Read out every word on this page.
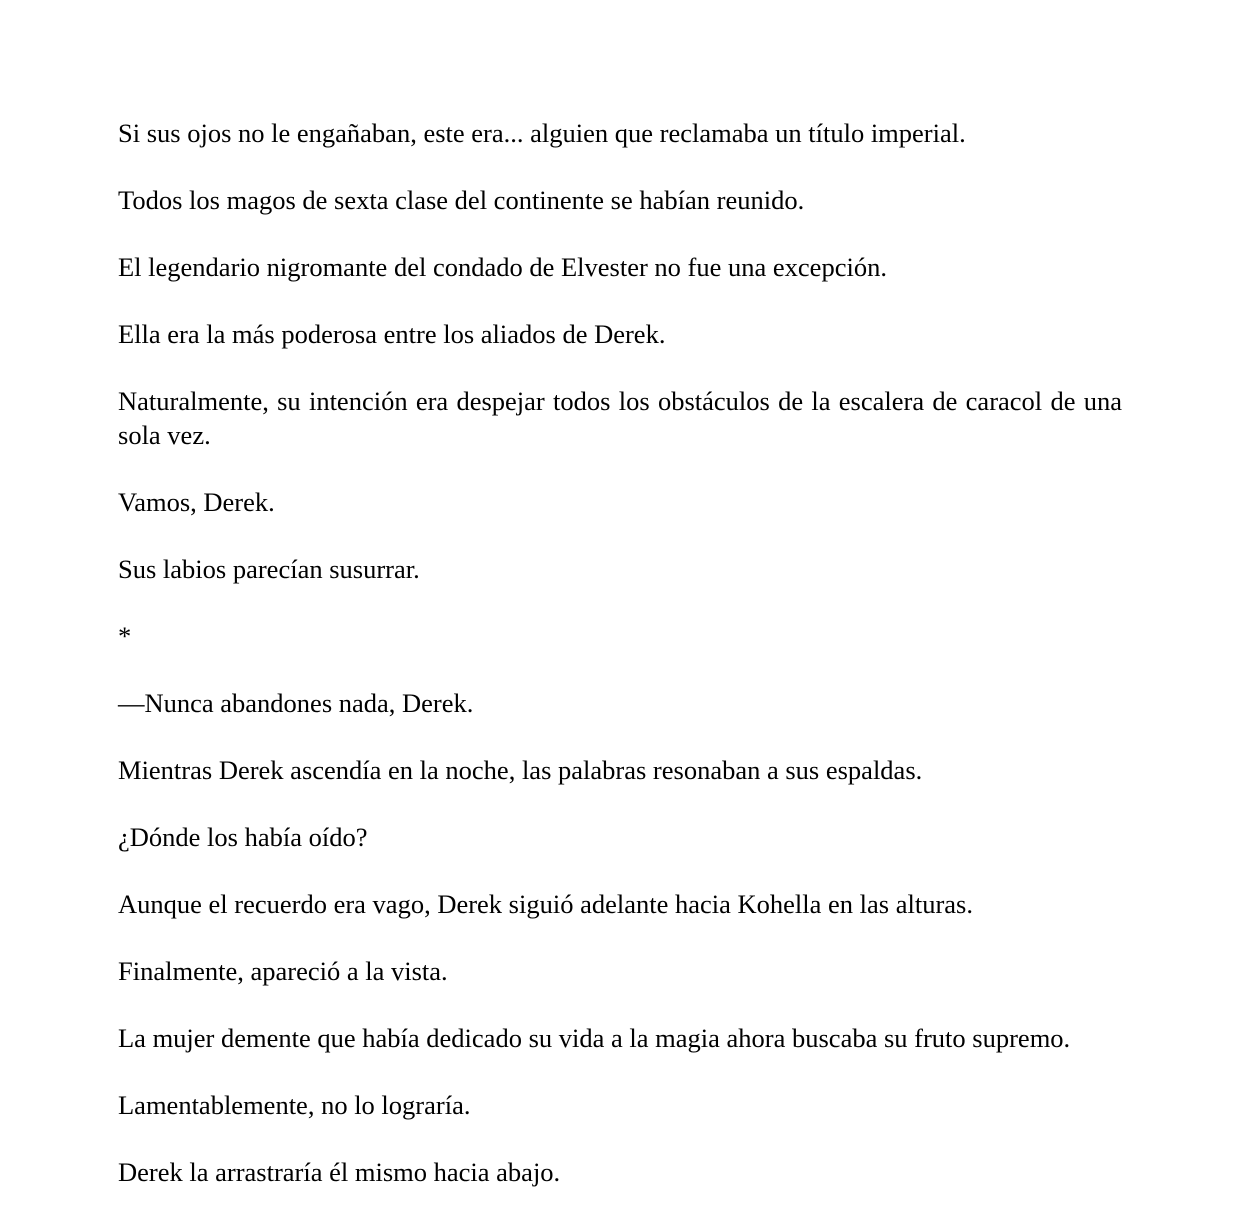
Si sus ojos no le engañaban, este era... alguien que reclamaba un título imperial.

Todos los magos de sexta clase del continente se habían reunido.

El legendario nigromante del condado de Elvester no fue una excepción.

Ella era la más poderosa entre los aliados de Derek.

Naturalmente, su intención era despejar todos los obstáculos de la escalera de caracol de una sola vez.

Vamos, Derek.

Sus labios parecían susurrar.

*

—Nunca abandones nada, Derek.

Mientras Derek ascendía en la noche, las palabras resonaban a sus espaldas.

¿Dónde los había oído?

Aunque el recuerdo era vago, Derek siguió adelante hacia Kohella en las alturas.

Finalmente, apareció a la vista.

La mujer demente que había dedicado su vida a la magia ahora buscaba su fruto supremo.

Lamentablemente, no lo lograría.

Derek la arrastraría él mismo hacia abajo.
